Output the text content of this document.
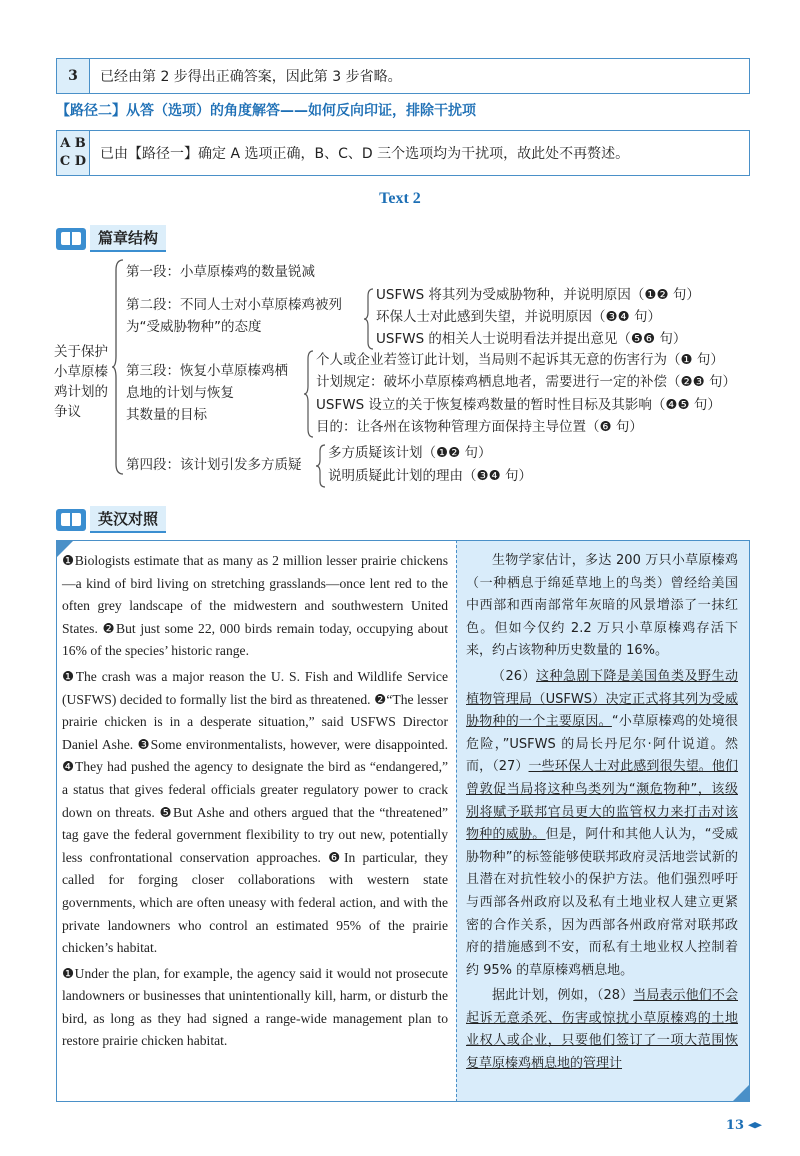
3	已经由第 2 步得出正确答案，因此第 3 步省略。
【路径二】从答（选项）的角度解答——如何反向印证，排除干扰项
A B
C D 已由【路径一】确定 A 选项正确，B、C、D 三个选项均为干扰项，故此处不再赘述。
Text 2
篇章结构
关于保护
小草原榛
鸡计划的
争议
第一段：小草原榛鸡的数量锐减
第二段：不同人士对小草原榛鸡被列
为“受威胁物种”的态度
USFWS 将其列为受威胁物种，并说明原因（❶❷ 句）
环保人士对此感到失望，并说明原因（❸❹ 句）
USFWS 的相关人士说明看法并提出意见（❺❻ 句）
第三段：恢复小草原榛鸡栖
息地的计划与恢复
其数量的目标
个人或企业若签订此计划，当局则不起诉其无意的伤害行为（❶ 句）
计划规定：破坏小草原榛鸡栖息地者，需要进行一定的补偿（❷❸ 句）
USFWS 设立的关于恢复榛鸡数量的暂时性目标及其影响（❹❺ 句）
目的：让各州在该物种管理方面保持主导位置（❻ 句）
第四段：该计划引发多方质疑
多方质疑该计划（❶❷ 句）
说明质疑此计划的理由（❸❹ 句）
英汉对照

❶Biologists estimate that as many as 2 million lesser prairie chickens—a kind of bird living on stretching grasslands—once lent red to the often grey landscape of the midwestern and southwestern United States. ❷But just some 22, 000 birds remain today, occupying about 16% of the species’ historic range.

❶The crash was a major reason the U. S. Fish and Wildlife Service (USFWS) decided to formally list the bird as threatened. ❷“The lesser prairie chicken is in a desperate situation,” said USFWS Director Daniel Ashe. ❸Some environmentalists, however, were disappointed. ❹They had pushed the agency to designate the bird as “endangered,” a status that gives federal officials greater regulatory power to crack down on threats. ❺But Ashe and others argued that the “threatened” tag gave the federal government flexibility to try out new, potentially less confrontational conservation approaches. ❻In particular, they called for forging closer collaborations with western state governments, which are often uneasy with federal action, and with the private landowners who control an estimated 95% of the prairie chicken’s habitat.

❶Under the plan, for example, the agency said it would not prosecute landowners or businesses that unintentionally kill, harm, or disturb the bird, as long as they had signed a range-wide management plan to restore prairie chicken habitat.

生物学家估计，多达 200 万只小草原榛鸡（一种栖息于绵延草地上的鸟类）曾经给美国中西部和西南部常年灰暗的风景增添了一抹红色。但如今仅约 2.2 万只小草原榛鸡存活下来，约占该物种历史数量的 16%。

（26）这种急剧下降是美国鱼类及野生动植物管理局（USFWS）决定正式将其列为受威胁物种的一个主要原因。“小草原榛鸡的处境很危险，”USFWS 的局长丹尼尔·阿什说道。然而，（27）一些环保人士对此感到很失望。他们曾敦促当局将这种鸟类列为“濒危物种”，该级别将赋予联邦官员更大的监管权力来打击对该物种的威胁。但是，阿什和其他人认为，“受威胁物种”的标签能够使联邦政府灵活地尝试新的且潜在对抗性较小的保护方法。他们强烈呼吁与西部各州政府以及私有土地业权人建立更紧密的合作关系，因为西部各州政府常对联邦政府的措施感到不安，而私有土地业权人控制着约 95% 的草原榛鸡栖息地。

据此计划，例如，（28）当局表示他们不会起诉无意杀死、伤害或惊扰小草原榛鸡的土地业权人或企业，只要他们签订了一项大范围恢复草原榛鸡栖息地的管理计

13
